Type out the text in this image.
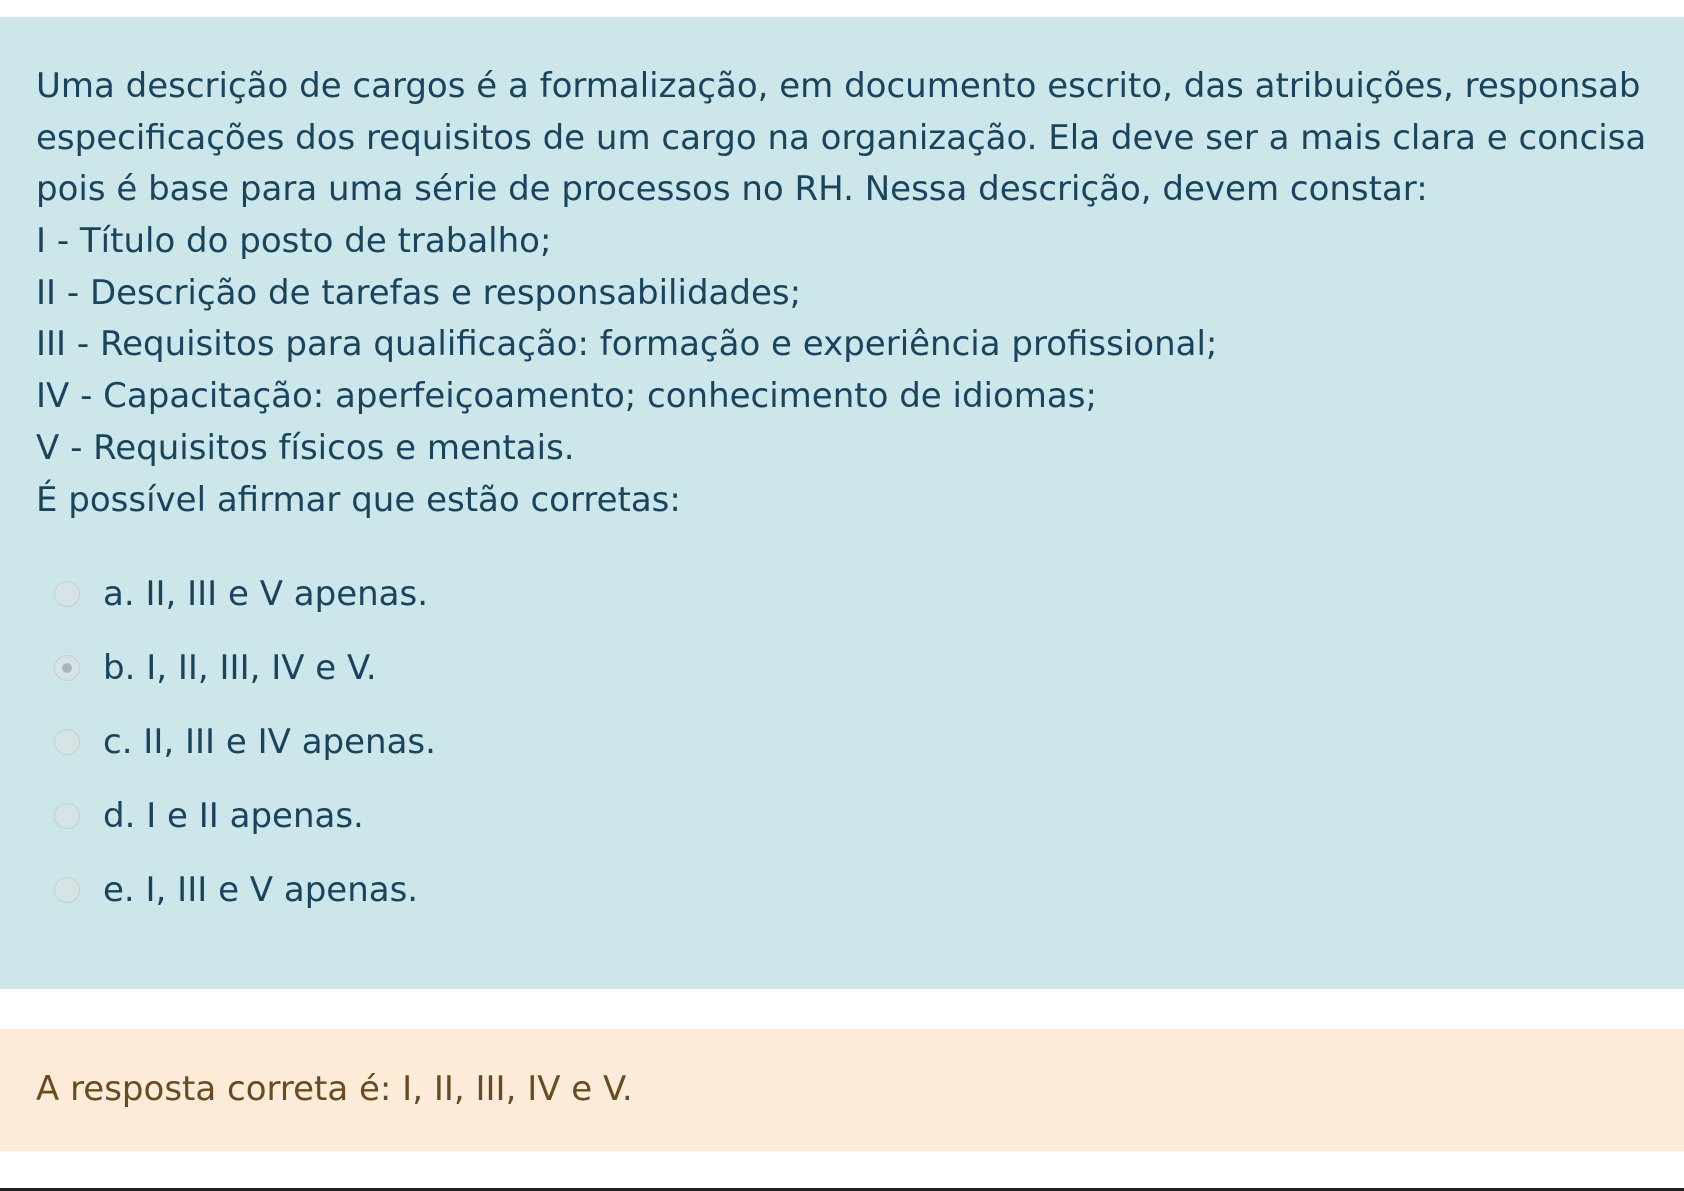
Uma descrição de cargos é a formalização, em documento escrito, das atribuições, responsab
especificações dos requisitos de um cargo na organização. Ela deve ser a mais clara e concisa
pois é base para uma série de processos no RH. Nessa descrição, devem constar:
I - Título do posto de trabalho;
II - Descrição de tarefas e responsabilidades;
III - Requisitos para qualificação: formação e experiência profissional;
IV - Capacitação: aperfeiçoamento; conhecimento de idiomas;
V - Requisitos físicos e mentais.
É possível afirmar que estão corretas:
a. II, III e V apenas.
b. I, II, III, IV e V.
c. II, III e IV apenas.
d. I e II apenas.
e. I, III e V apenas.
A resposta correta é: I, II, III, IV e V.
